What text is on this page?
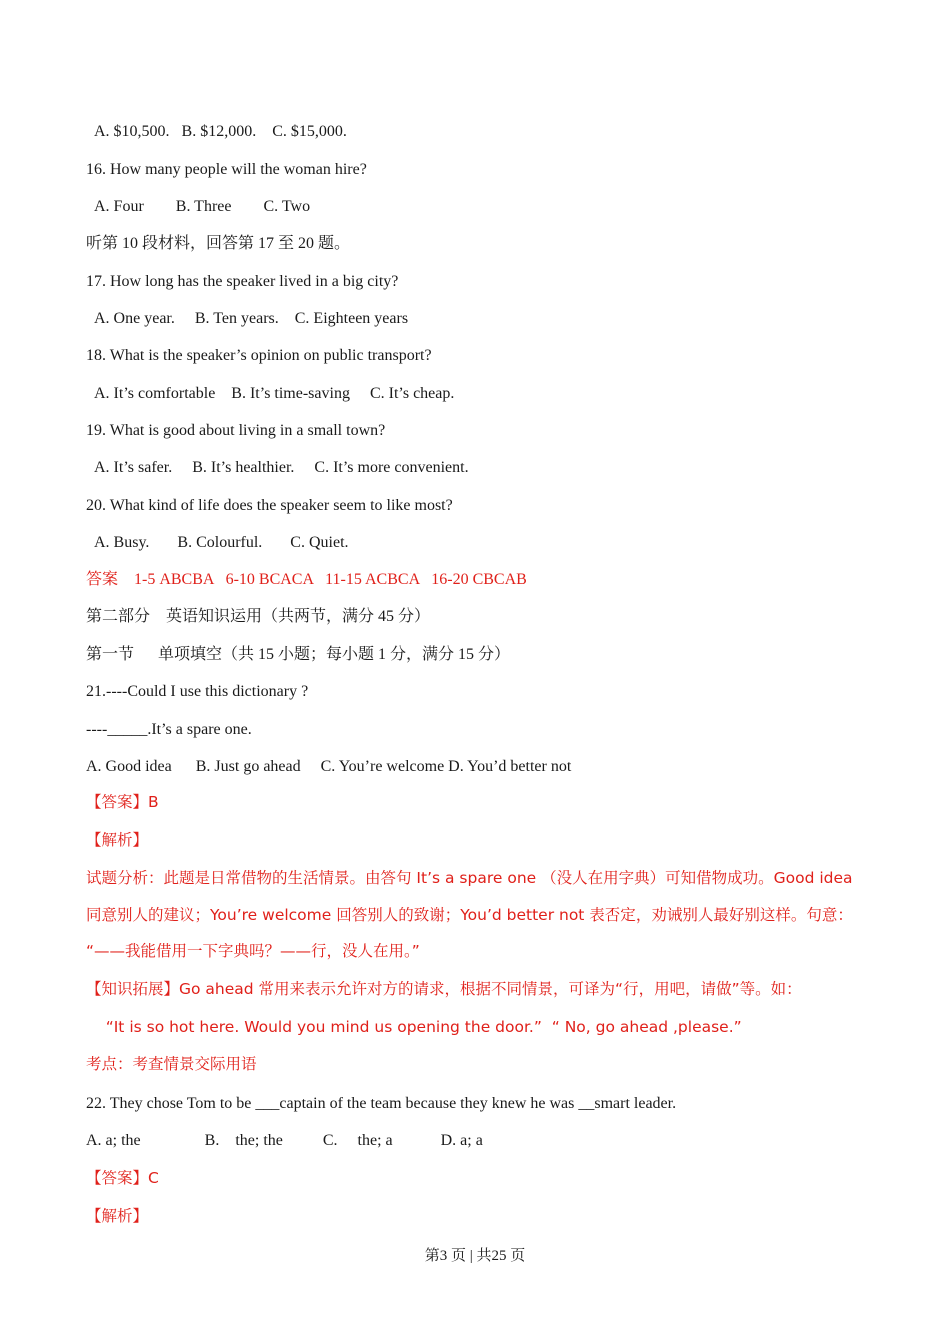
A. $10,500.   B. $12,000.    C. $15,000.
16. How many people will the woman hire?
A. Four        B. Three        C. Two
听第 10 段材料，回答第 17 至 20 题。
17. How long has the speaker lived in a big city?
A. One year.     B. Ten years.    C. Eighteen years
18. What is the speaker’s opinion on public transport?
A. It’s comfortable    B. It’s time-saving     C. It’s cheap.
19. What is good about living in a small town?
A. It’s safer.     B. It’s healthier.     C. It’s more convenient.
20. What kind of life does the speaker seem to like most?
A. Busy.       B. Colourful.       C. Quiet.
答案    1-5 ABCBA   6-10 BCACA   11-15 ACBCA   16-20 CBCAB
第二部分    英语知识运用（共两节，满分 45 分）
第一节      单项填空（共 15 小题；每小题 1 分，满分 15 分）
21.----Could I use this dictionary ?
----_____.It’s a spare one.
A. Good idea      B. Just go ahead     C. You’re welcome D. You’d better not
【答案】B
【解析】
试题分析：此题是日常借物的生活情景。由答句 It’s a spare one （没人在用字典）可知借物成功。Good idea
同意别人的建议；You’re welcome 回答别人的致谢；You’d better not 表否定，劝诫别人最好别这样。句意：
“——我能借用一下字典吗？——行，没人在用。”
【知识拓展】Go ahead 常用来表示允许对方的请求，根据不同情景，可译为“行，用吧，请做”等。如：
“It is so hot here. Would you mind us opening the door.”  “ No, go ahead ,please.”
考点：考查情景交际用语
22. They chose Tom to be ___captain of the team because they knew he was __smart leader.
A. a; the                B.    the; the          C.     the; a            D. a; a
【答案】C
【解析】
第3 页 | 共25 页
